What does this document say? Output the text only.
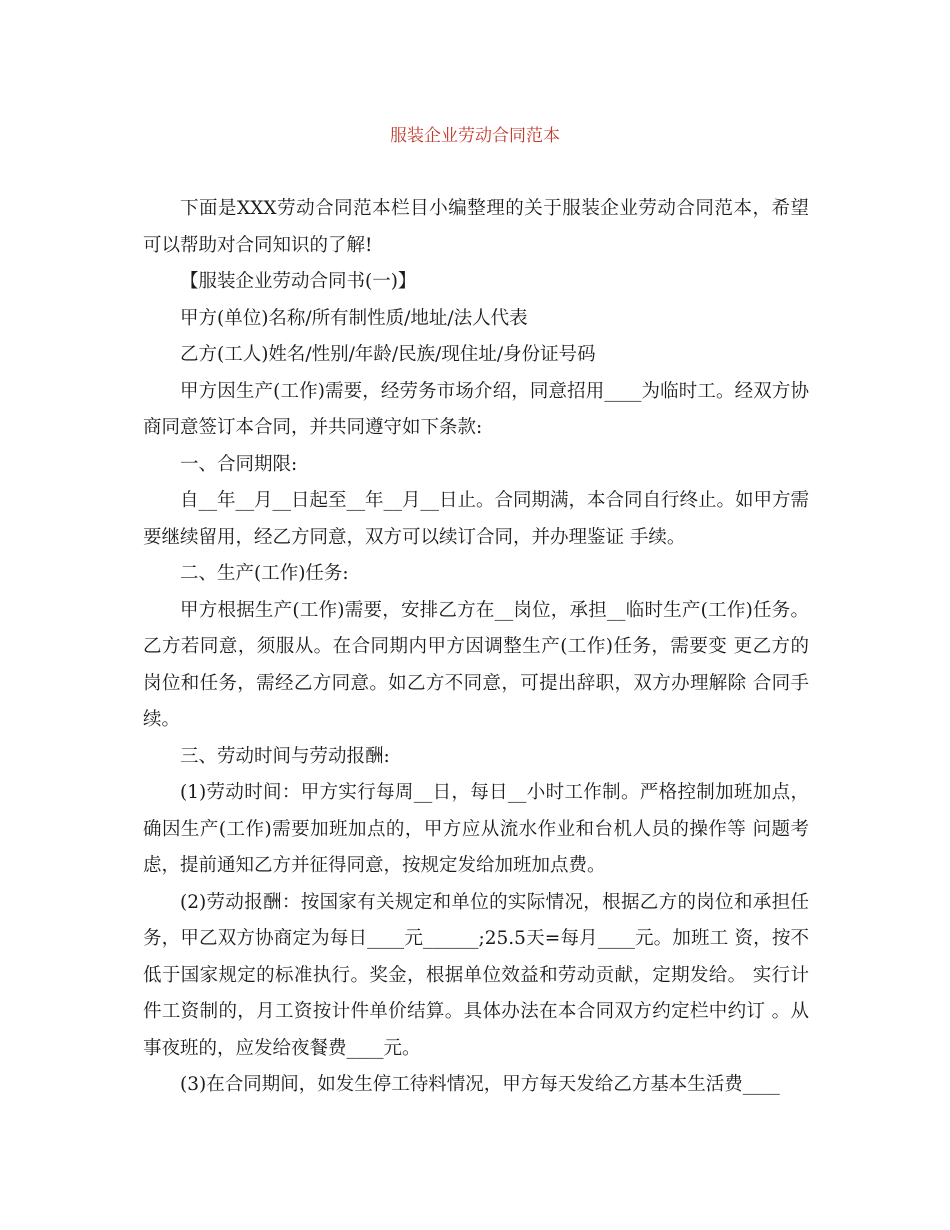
服装企业劳动合同范本

下面是XXX劳动合同范本栏目小编整理的关于服装企业劳动合同范本，希望可以帮助对合同知识的了解!

【服装企业劳动合同书(一)】

甲方(单位)名称/所有制性质/地址/法人代表

乙方(工人)姓名/性别/年龄/民族/现住址/身份证号码

甲方因生产(工作)需要，经劳务市场介绍，同意招用____为临时工。经双方协商同意签订本合同，并共同遵守如下条款:

一、合同期限:

自__年__月__日起至__年__月__日止。合同期满，本合同自行终止。如甲方需要继续留用，经乙方同意，双方可以续订合同，并办理鉴证 手续。

二、生产(工作)任务:

甲方根据生产(工作)需要，安排乙方在__岗位，承担__临时生产(工作)任务。乙方若同意，须服从。在合同期内甲方因调整生产(工作)任务，需要变 更乙方的岗位和任务，需经乙方同意。如乙方不同意，可提出辞职，双方办理解除 合同手续。

三、劳动时间与劳动报酬:

(1)劳动时间：甲方实行每周__日，每日__小时工作制。严格控制加班加点，确因生产(工作)需要加班加点的，甲方应从流水作业和台机人员的操作等 问题考虑，提前通知乙方并征得同意，按规定发给加班加点费。

(2)劳动报酬：按国家有关规定和单位的实际情况，根据乙方的岗位和承担任务，甲乙双方协商定为每日____元______;25.5天=每月____元。加班工 资，按不低于国家规定的标准执行。奖金，根据单位效益和劳动贡献，定期发给。 实行计件工资制的，月工资按计件单价结算。具体办法在本合同双方约定栏中约订 。从事夜班的，应发给夜餐费____元。

(3)在合同期间，如发生停工待料情况，甲方每天发给乙方基本生活费____
